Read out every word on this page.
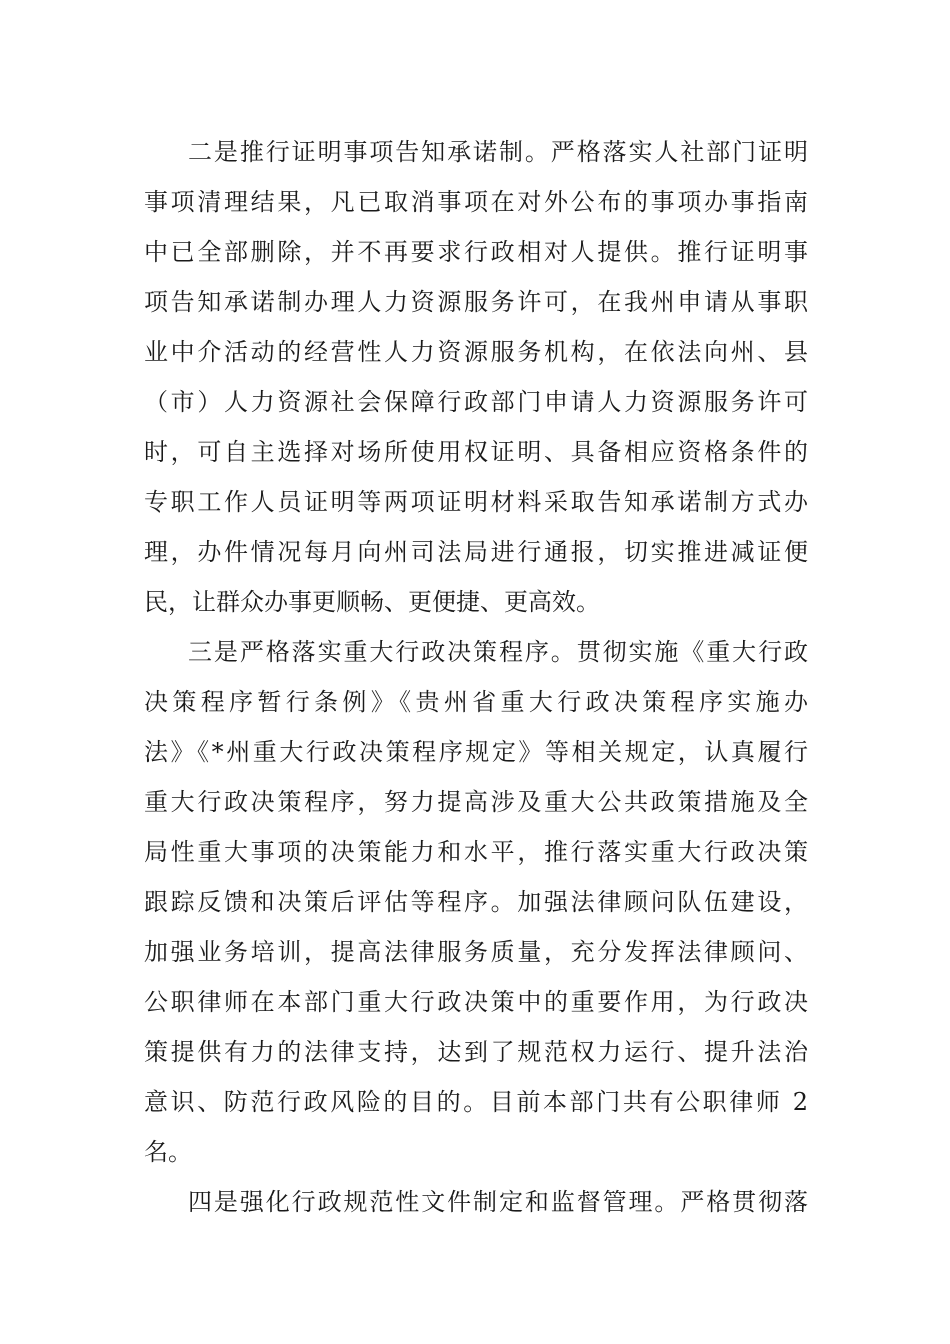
二是推行证明事项告知承诺制。严格落实人社部门证明
事项清理结果，凡已取消事项在对外公布的事项办事指南
中已全部删除，并不再要求行政相对人提供。推行证明事
项告知承诺制办理人力资源服务许可，在我州申请从事职
业中介活动的经营性人力资源服务机构，在依法向州、县
（市）人力资源社会保障行政部门申请人力资源服务许可
时，可自主选择对场所使用权证明、具备相应资格条件的
专职工作人员证明等两项证明材料采取告知承诺制方式办
理，办件情况每月向州司法局进行通报，切实推进减证便
民，让群众办事更顺畅、更便捷、更高效。
三是严格落实重大行政决策程序。贯彻实施《重大行政
决策程序暂行条例》《贵州省重大行政决策程序实施办
法》《*州重大行政决策程序规定》等相关规定，认真履行
重大行政决策程序，努力提高涉及重大公共政策措施及全
局性重大事项的决策能力和水平，推行落实重大行政决策
跟踪反馈和决策后评估等程序。加强法律顾问队伍建设，
加强业务培训，提高法律服务质量，充分发挥法律顾问、
公职律师在本部门重大行政决策中的重要作用，为行政决
策提供有力的法律支持，达到了规范权力运行、提升法治
意识、防范行政风险的目的。目前本部门共有公职律师 2
名。
四是强化行政规范性文件制定和监督管理。严格贯彻落
